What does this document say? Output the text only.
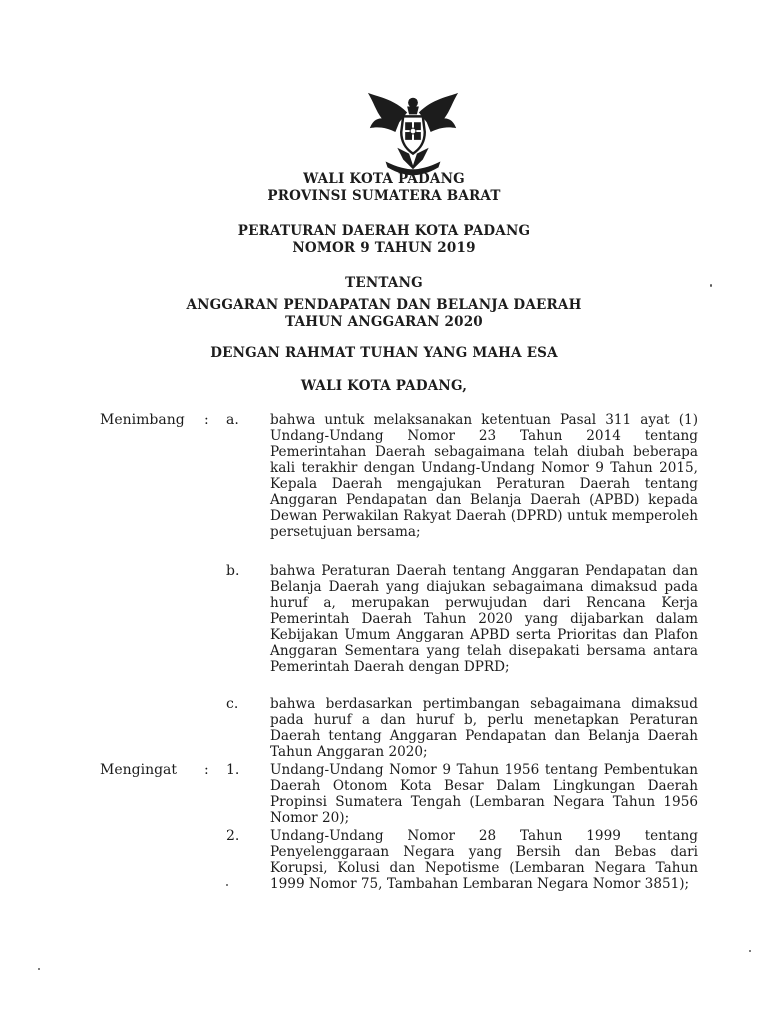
WALI KOTA PADANG
PROVINSI SUMATERA BARAT
PERATURAN DAERAH KOTA PADANG
NOMOR 9 TAHUN 2019
TENTANG
ANGGARAN PENDAPATAN DAN BELANJA DAERAH
TAHUN ANGGARAN 2020
DENGAN RAHMAT TUHAN YANG MAHA ESA
WALI KOTA PADANG,
Menimbang : a. bahwa untuk melaksanakan ketentuan Pasal 311 ayat (1) Undang-Undang Nomor 23 Tahun 2014 tentang Pemerintahan Daerah sebagaimana telah diubah beberapa kali terakhir dengan Undang-Undang Nomor 9 Tahun 2015, Kepala Daerah mengajukan Peraturan Daerah tentang Anggaran Pendapatan dan Belanja Daerah (APBD) kepada Dewan Perwakilan Rakyat Daerah (DPRD) untuk memperoleh persetujuan bersama;
b. bahwa Peraturan Daerah tentang Anggaran Pendapatan dan Belanja Daerah yang diajukan sebagaimana dimaksud pada huruf a, merupakan perwujudan dari Rencana Kerja Pemerintah Daerah Tahun 2020 yang dijabarkan dalam Kebijakan Umum Anggaran APBD serta Prioritas dan Plafon Anggaran Sementara yang telah disepakati bersama antara Pemerintah Daerah dengan DPRD;
c. bahwa berdasarkan pertimbangan sebagaimana dimaksud pada huruf a dan huruf b, perlu menetapkan Peraturan Daerah tentang Anggaran Pendapatan dan Belanja Daerah Tahun Anggaran 2020;
Mengingat : 1. Undang-Undang Nomor 9 Tahun 1956 tentang Pembentukan Daerah Otonom Kota Besar Dalam Lingkungan Daerah Propinsi Sumatera Tengah (Lembaran Negara Tahun 1956 Nomor 20);
2. Undang-Undang Nomor 28 Tahun 1999 tentang Penyelenggaraan Negara yang Bersih dan Bebas dari Korupsi, Kolusi dan Nepotisme (Lembaran Negara Tahun 1999 Nomor 75, Tambahan Lembaran Negara Nomor 3851);
